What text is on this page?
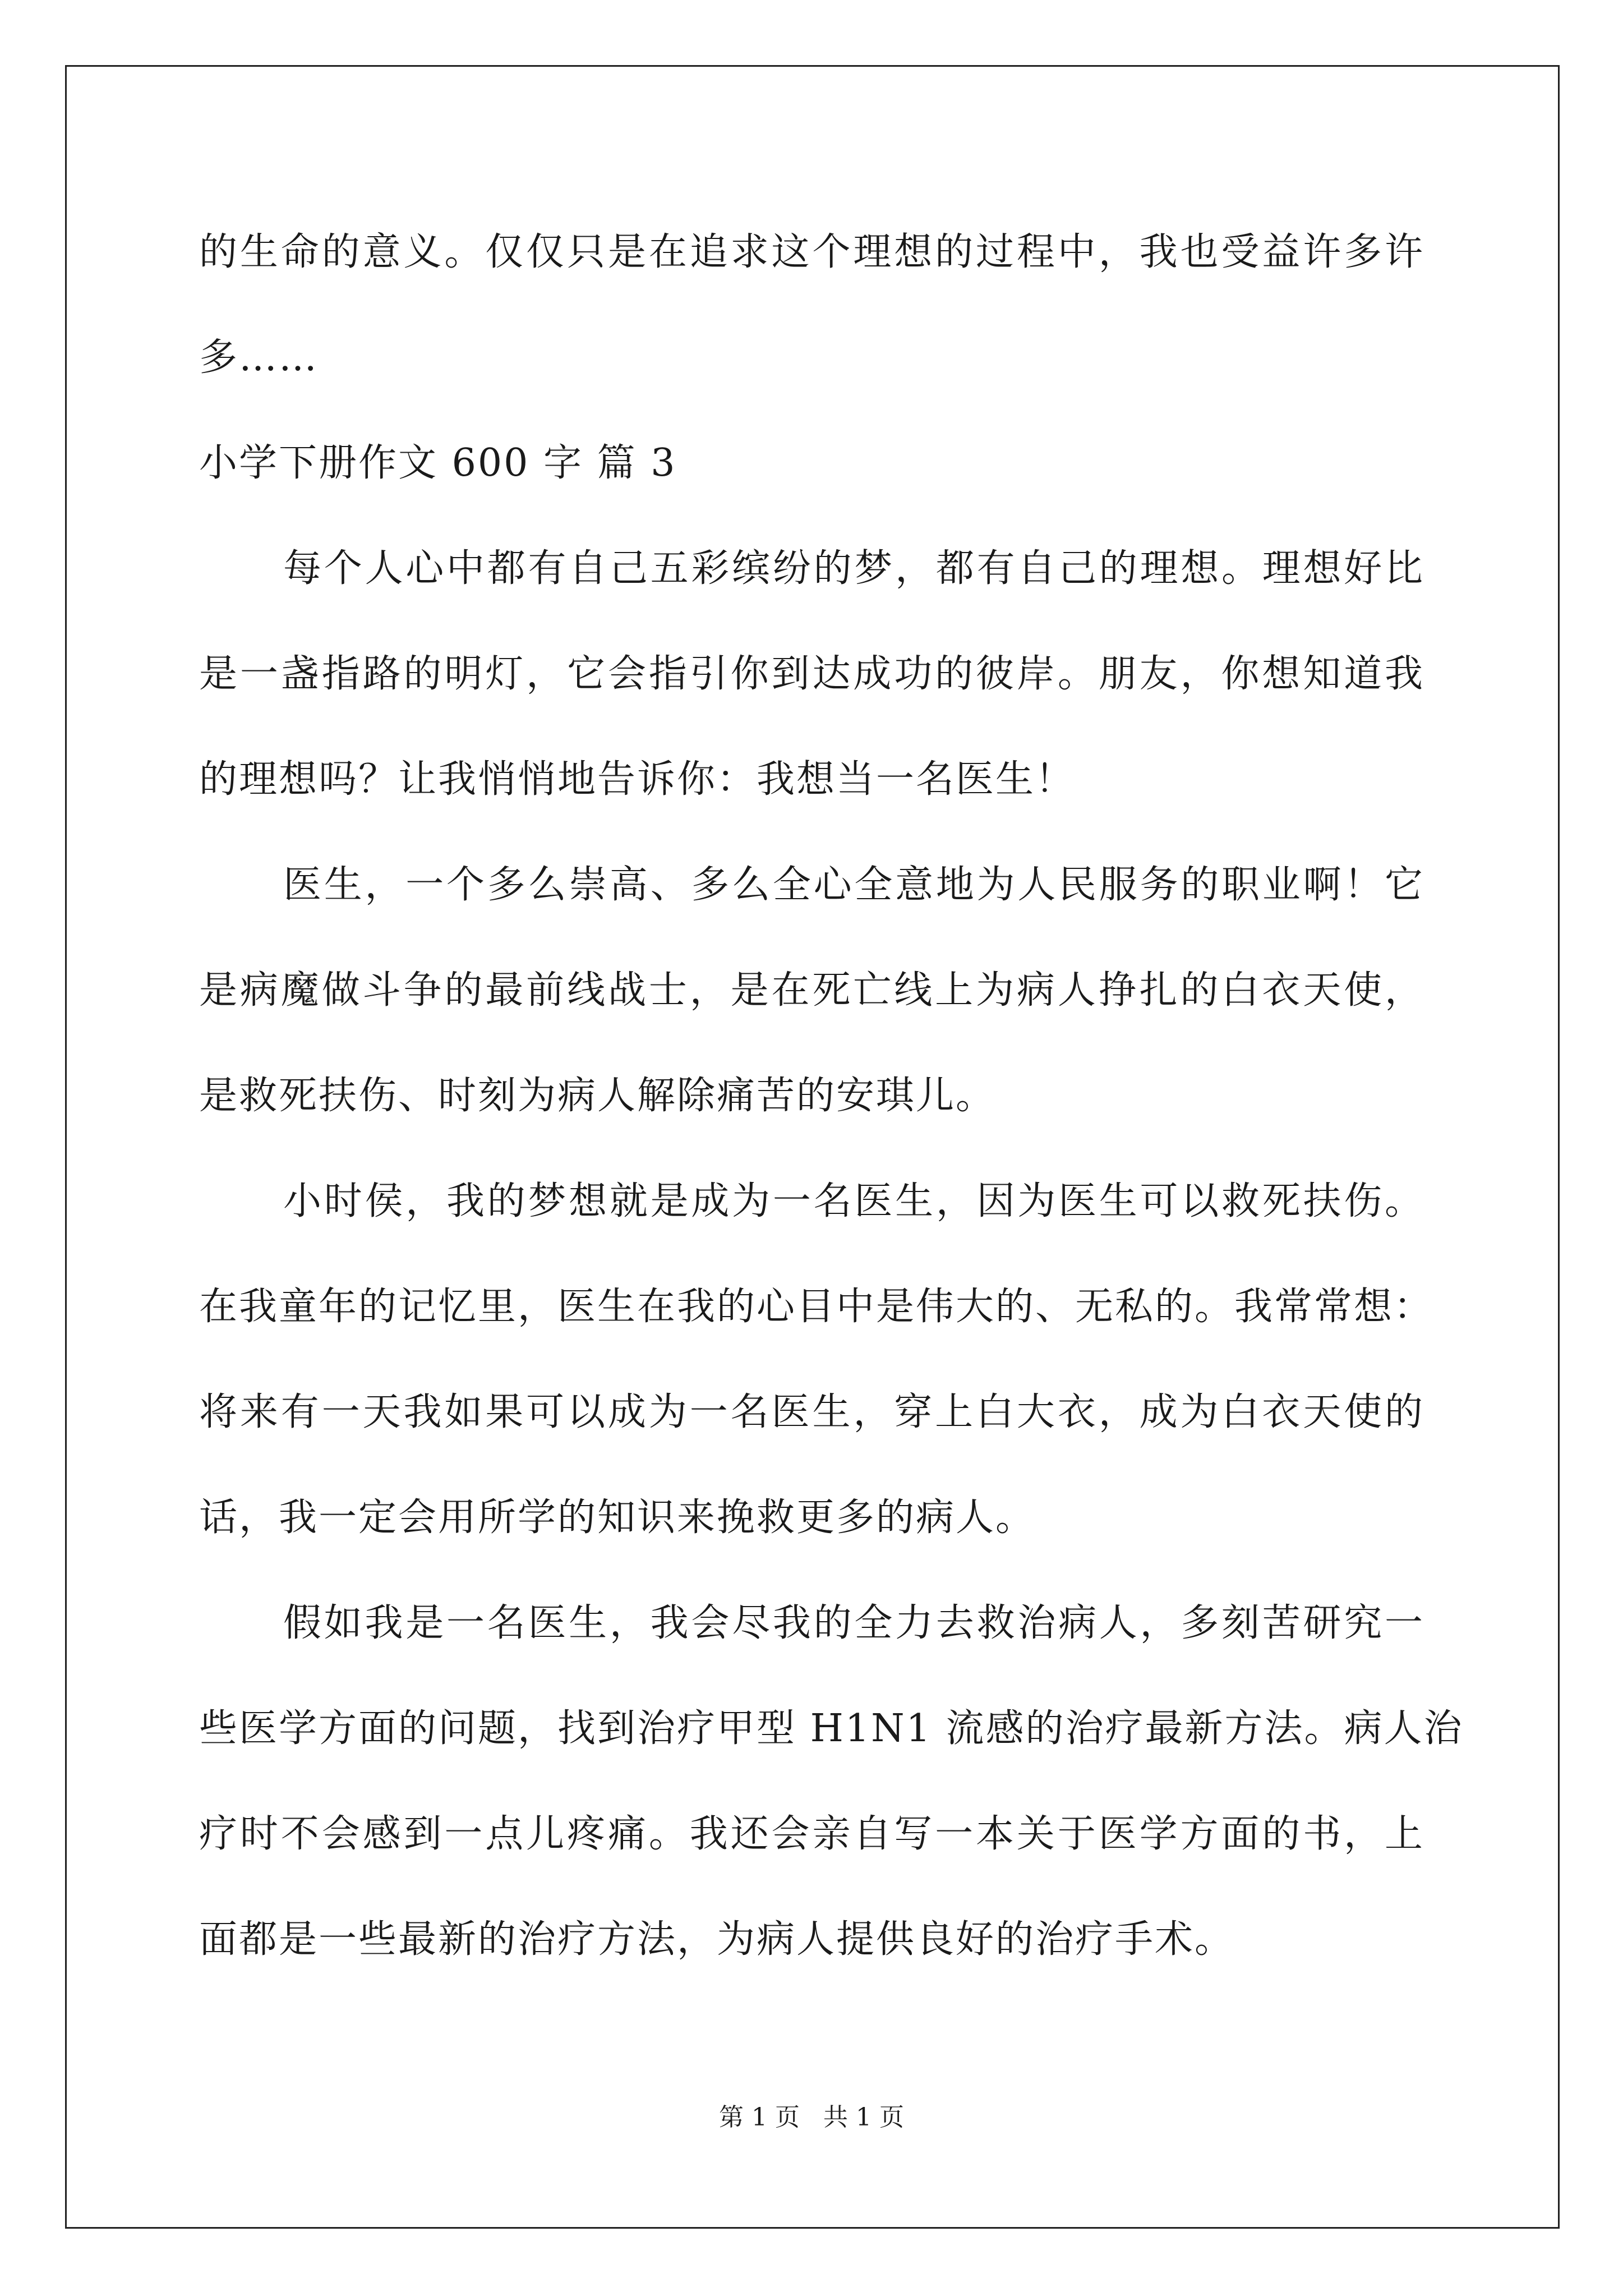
的生命的意义。仅仅只是在追求这个理想的过程中，我也受益许多许
多……
小学下册作文 600 字 篇 3
每个人心中都有自己五彩缤纷的梦，都有自己的理想。理想好比
是一盏指路的明灯，它会指引你到达成功的彼岸。朋友，你想知道我
的理想吗？让我悄悄地告诉你：我想当一名医生！
医生，一个多么崇高、多么全心全意地为人民服务的职业啊！它
是病魔做斗争的最前线战士，是在死亡线上为病人挣扎的白衣天使，
是救死扶伤、时刻为病人解除痛苦的安琪儿。
小时侯，我的梦想就是成为一名医生，因为医生可以救死扶伤。
在我童年的记忆里，医生在我的心目中是伟大的、无私的。我常常想：
将来有一天我如果可以成为一名医生，穿上白大衣，成为白衣天使的
话，我一定会用所学的知识来挽救更多的病人。
假如我是一名医生，我会尽我的全力去救治病人，多刻苦研究一
些医学方面的问题，找到治疗甲型 H1N1 流感的治疗最新方法。病人治
疗时不会感到一点儿疼痛。我还会亲自写一本关于医学方面的书，上
面都是一些最新的治疗方法，为病人提供良好的治疗手术。
第 1 页   共 1 页
